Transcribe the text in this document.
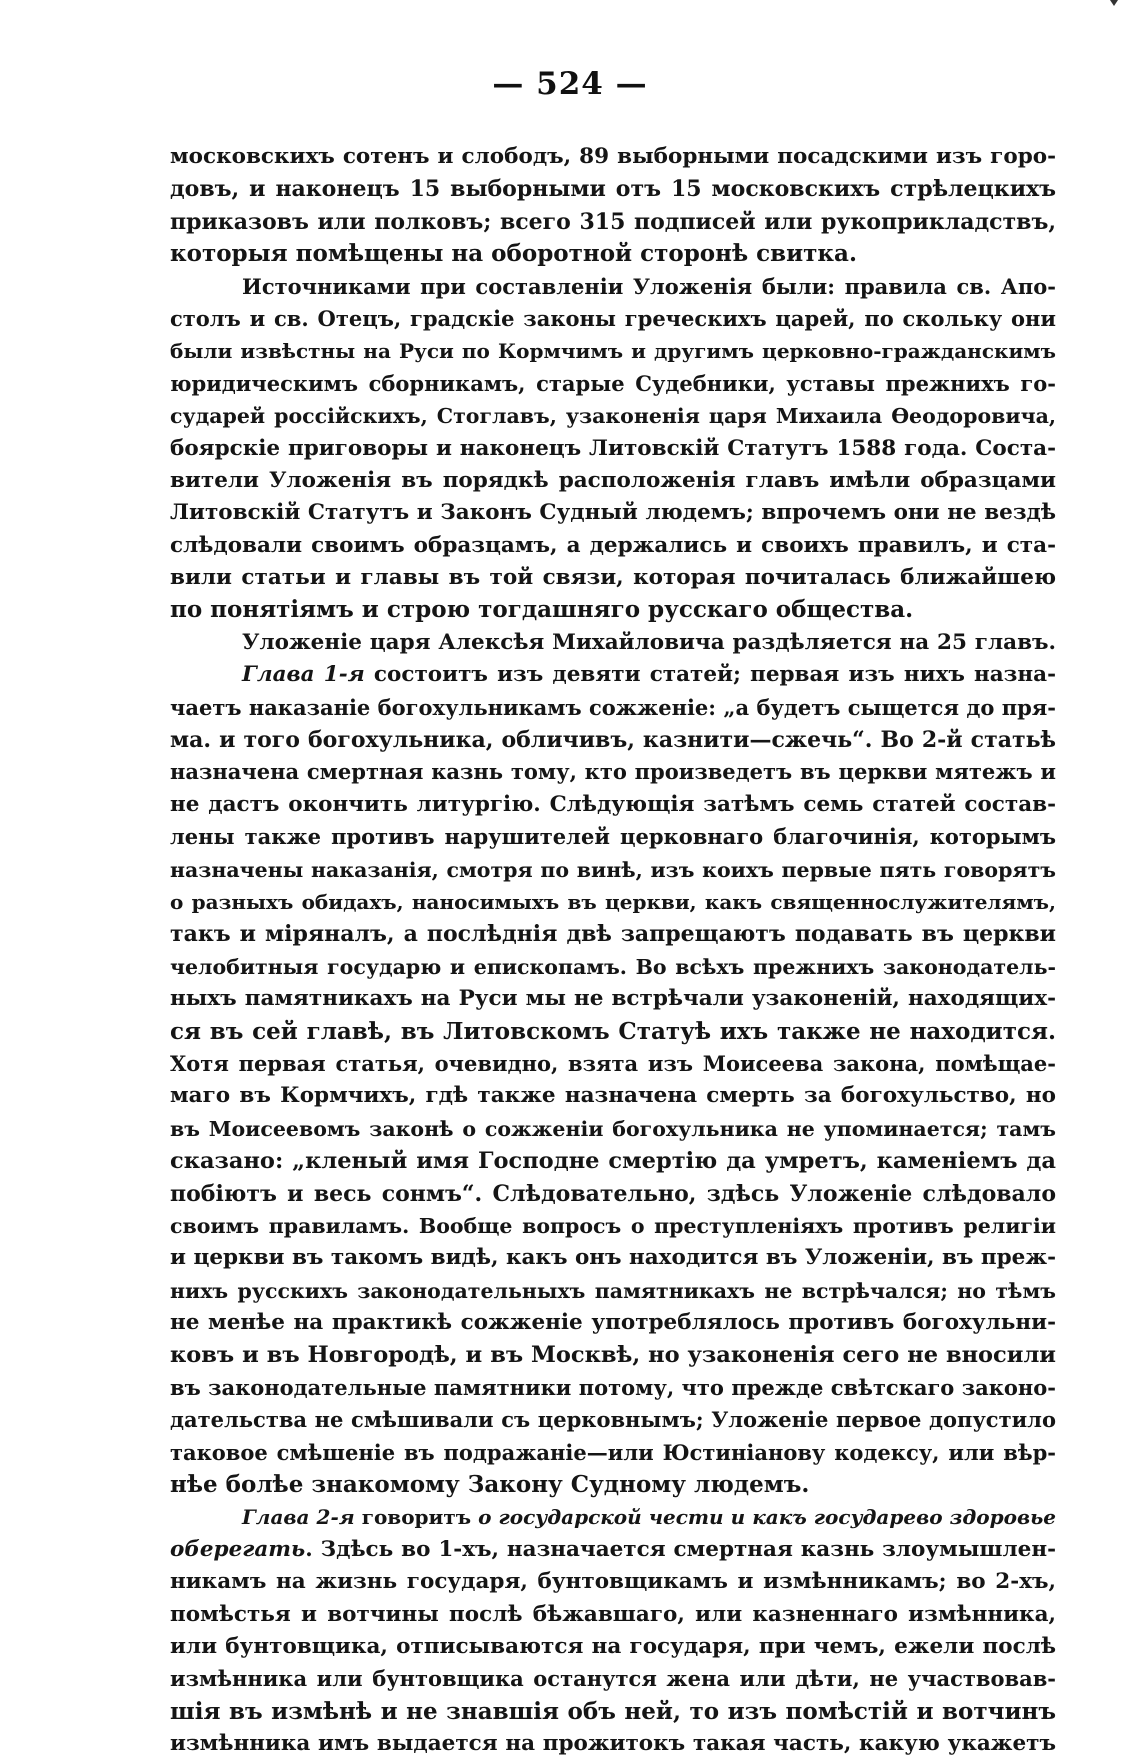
— 524 —
московскихъ сотенъ и слободъ, 89 выборными посадскими изъ горо-
довъ, и наконецъ 15 выборными отъ 15 московскихъ стрѣлецкихъ
приказовъ или полковъ; всего 315 подписей или рукоприкладствъ,
которыя помѣщены на оборотной сторонѣ свитка.
Источниками при составленіи Уложенія были: правила св. Апо-
столъ и св. Отецъ, градскіе законы греческихъ царей, по скольку они
были извѣстны на Руси по Кормчимъ и другимъ церковно-гражданскимъ
юридическимъ сборникамъ, старые Судебники, уставы прежнихъ го-
сударей россійскихъ, Стоглавъ, узаконенія царя Михаила Ѳеодоровича,
боярскіе приговоры и наконецъ Литовскій Статутъ 1588 года. Соста-
вители Уложенія въ порядкѣ расположенія главъ имѣли образцами
Литовскій Статутъ и Законъ Судный людемъ; впрочемъ они не вездѣ
слѣдовали своимъ образцамъ, а держались и своихъ правилъ, и ста-
вили статьи и главы въ той связи, которая почиталась ближайшею
по понятіямъ и строю тогдашняго русскаго общества.
Уложеніе царя Алексѣя Михайловича раздѣляется на 25 главъ.
Глава 1-я состоитъ изъ девяти статей; первая изъ нихъ назна-
чаетъ наказаніе богохульникамъ сожженіе: „а будетъ сыщется до пря-
ма. и того богохульника, обличивъ, казнити—сжечь“. Во 2-й статьѣ
назначена смертная казнь тому, кто произведетъ въ церкви мятежъ и
не дастъ окончить литургію. Слѣдующія затѣмъ семь статей состав-
лены также противъ нарушителей церковнаго благочинія, которымъ
назначены наказанія, смотря по винѣ, изъ коихъ первые пять говорятъ
о разныхъ обидахъ, наносимыхъ въ церкви, какъ священнослужителямъ,
такъ и міряналъ, а послѣднія двѣ запрещаютъ подавать въ церкви
челобитныя государю и епископамъ. Во всѣхъ прежнихъ законодатель-
ныхъ памятникахъ на Руси мы не встрѣчали узаконеній, находящих-
ся въ сей главѣ, въ Литовскомъ Статуѣ ихъ также не находится.
Хотя первая статья, очевидно, взята изъ Моисеева закона, помѣщае-
маго въ Кормчихъ, гдѣ также назначена смерть за богохульство, но
въ Моисеевомъ законѣ о сожженіи богохульника не упоминается; тамъ
сказано: „кленый имя Господне смертію да умретъ, каменіемъ да
побіютъ и весь сонмъ“. Слѣдовательно, здѣсь Уложеніе слѣдовало
своимъ правиламъ. Вообще вопросъ о преступленіяхъ противъ религіи
и церкви въ такомъ видѣ, какъ онъ находится въ Уложеніи, въ преж-
нихъ русскихъ законодательныхъ памятникахъ не встрѣчался; но тѣмъ
не менѣе на практикѣ сожженіе употреблялось противъ богохульни-
ковъ и въ Новгородѣ, и въ Москвѣ, но узаконенія сего не вносили
въ законодательные памятники потому, что прежде свѣтскаго законо-
дательства не смѣшивали съ церковнымъ; Уложеніе первое допустило
таковое смѣшеніе въ подражаніе—или Юстиніанову кодексу, или вѣр-
нѣе болѣе знакомому Закону Судному людемъ.
Глава 2-я говоритъ о государской чести и какъ государево здоровье
оберегать. Здѣсь во 1-хъ, назначается смертная казнь злоумышлен-
никамъ на жизнь государя, бунтовщикамъ и измѣнникамъ; во 2-хъ,
помѣстья и вотчины послѣ бѣжавшаго, или казненнаго измѣнника,
или бунтовщика, отписываются на государя, при чемъ, ежели послѣ
измѣнника или бунтовщика останутся жена или дѣти, не участвовав-
шія въ измѣнѣ и не знавшія объ ней, то изъ помѣстій и вотчинъ
измѣнника имъ выдается на прожитокъ такая часть, какую укажетъ
